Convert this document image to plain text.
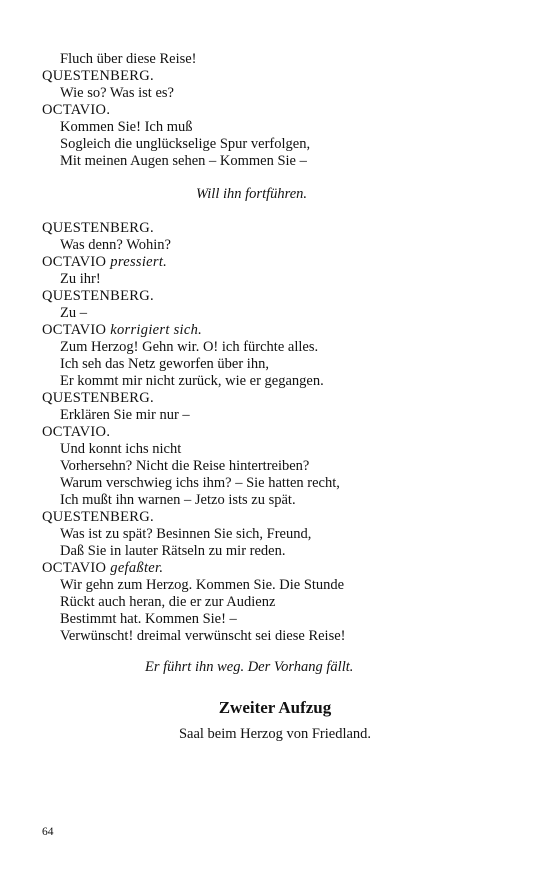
Fluch über diese Reise!
QUESTENBERG.
Wie so? Was ist es?
OCTAVIO.
Kommen Sie! Ich muß
Sogleich die unglückselige Spur verfolgen,
Mit meinen Augen sehen – Kommen Sie –
Will ihn fortführen.
QUESTENBERG.
Was denn? Wohin?
OCTAVIO pressiert.
Zu ihr!
QUESTENBERG.
Zu –
OCTAVIO korrigiert sich.
Zum Herzog! Gehn wir. O! ich fürchte alles.
Ich seh das Netz geworfen über ihn,
Er kommt mir nicht zurück, wie er gegangen.
QUESTENBERG.
Erklären Sie mir nur –
OCTAVIO.
Und konnt ichs nicht
Vorhersehn? Nicht die Reise hintertreiben?
Warum verschwieg ichs ihm? – Sie hatten recht,
Ich mußt ihn warnen – Jetzo ists zu spät.
QUESTENBERG.
Was ist zu spät? Besinnen Sie sich, Freund,
Daß Sie in lauter Rätseln zu mir reden.
OCTAVIO gefaßter.
Wir gehn zum Herzog. Kommen Sie. Die Stunde
Rückt auch heran, die er zur Audienz
Bestimmt hat. Kommen Sie! –
Verwünscht! dreimal verwünscht sei diese Reise!
Er führt ihn weg. Der Vorhang fällt.
Zweiter Aufzug
Saal beim Herzog von Friedland.
64
